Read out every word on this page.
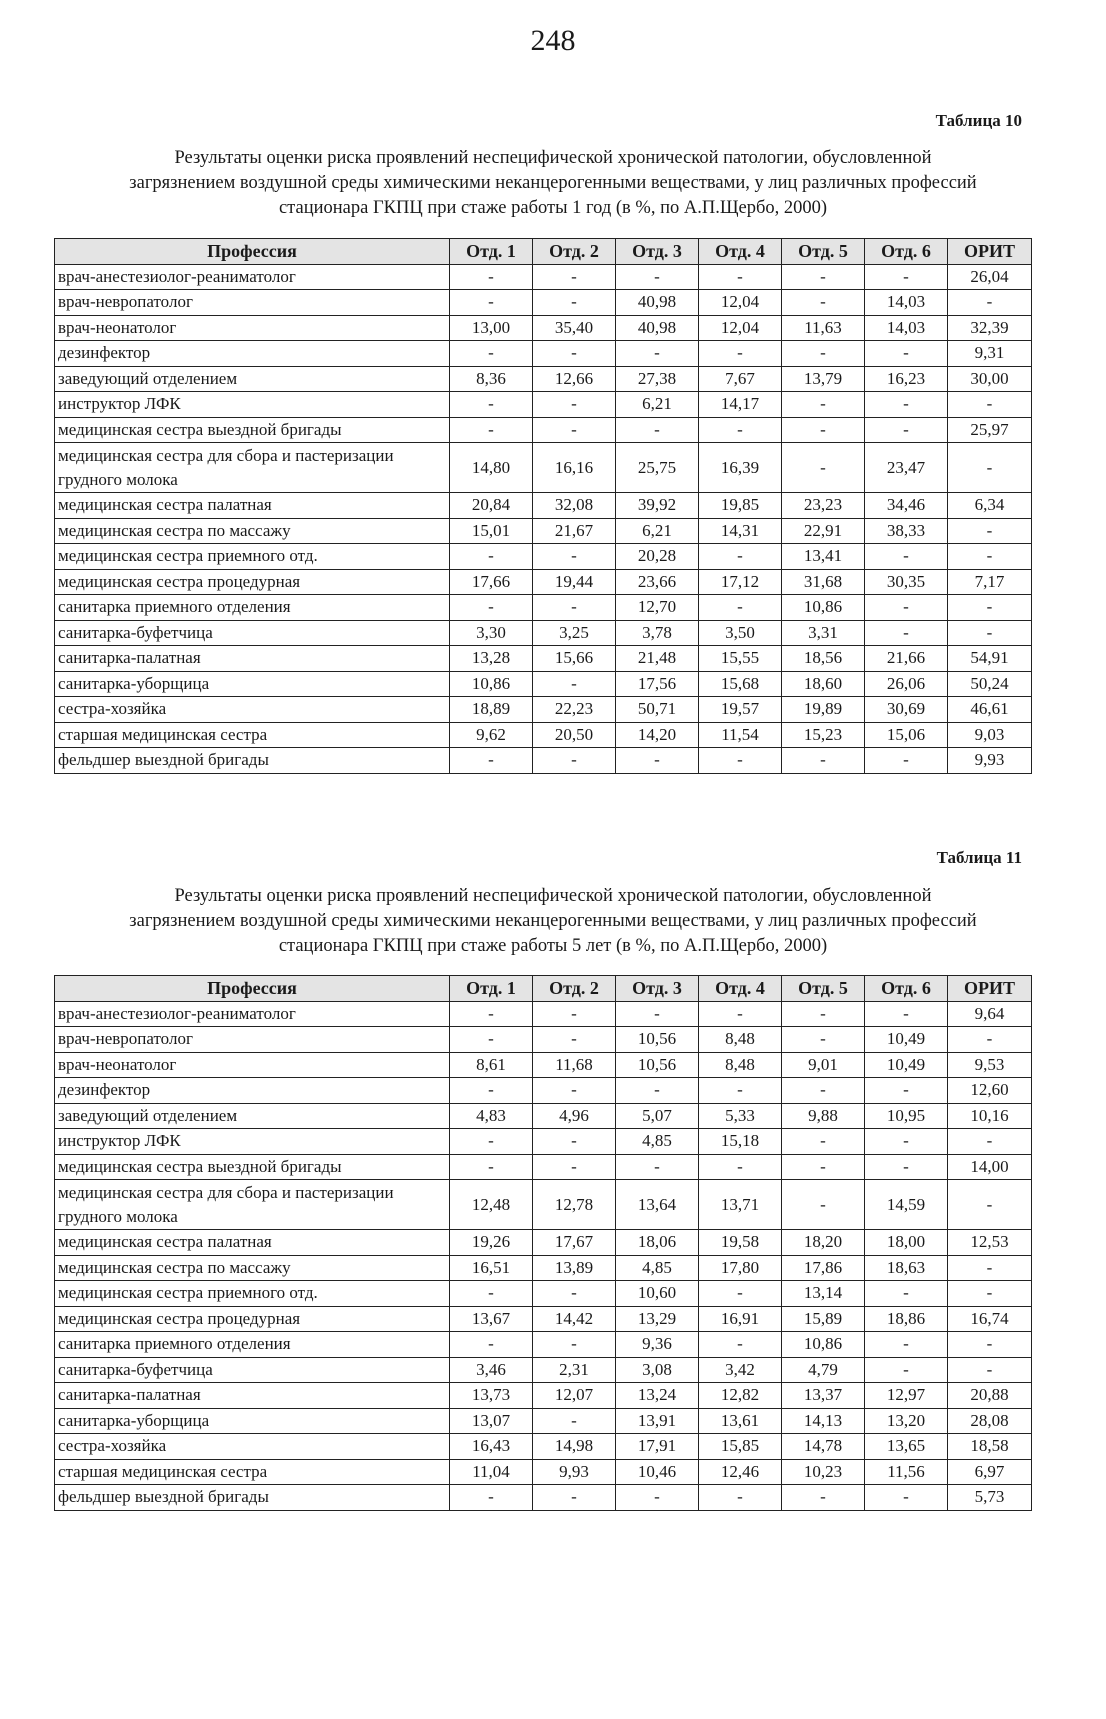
248
Таблица 10
Результаты оценки риска проявлений неспецифической хронической патологии, обусловленной
загрязнением воздушной среды химическими неканцерогенными веществами, у лиц различных профессий
стационара ГКПЦ при стаже работы 1 год (в %, по А.П.Щербо, 2000)
Профессия	Отд. 1	Отд. 2	Отд. 3	Отд. 4	Отд. 5	Отд. 6	ОРИТ
врач-анестезиолог-реаниматолог	-	-	-	-	-	-	26,04
врач-невропатолог	-	-	40,98	12,04	-	14,03	-
врач-неонатолог	13,00	35,40	40,98	12,04	11,63	14,03	32,39
дезинфектор	-	-	-	-	-	-	9,31
заведующий отделением	8,36	12,66	27,38	7,67	13,79	16,23	30,00
инструктор ЛФК	-	-	6,21	14,17	-	-	-
медицинская сестра выездной бригады	-	-	-	-	-	-	25,97
медицинская сестра для сбора и пастеризации грудного молока	14,80	16,16	25,75	16,39	-	23,47	-
медицинская сестра палатная	20,84	32,08	39,92	19,85	23,23	34,46	6,34
медицинская сестра по массажу	15,01	21,67	6,21	14,31	22,91	38,33	-
медицинская сестра приемного отд.	-	-	20,28	-	13,41	-	-
медицинская сестра процедурная	17,66	19,44	23,66	17,12	31,68	30,35	7,17
санитарка приемного отделения	-	-	12,70	-	10,86	-	-
санитарка-буфетчица	3,30	3,25	3,78	3,50	3,31	-	-
санитарка-палатная	13,28	15,66	21,48	15,55	18,56	21,66	54,91
санитарка-уборщица	10,86	-	17,56	15,68	18,60	26,06	50,24
сестра-хозяйка	18,89	22,23	50,71	19,57	19,89	30,69	46,61
старшая медицинская сестра	9,62	20,50	14,20	11,54	15,23	15,06	9,03
фельдшер выездной бригады	-	-	-	-	-	-	9,93
Таблица 11
Результаты оценки риска проявлений неспецифической хронической патологии, обусловленной
загрязнением воздушной среды химическими неканцерогенными веществами, у лиц различных профессий
стационара ГКПЦ при стаже работы 5 лет (в %, по А.П.Щербо, 2000)
Профессия	Отд. 1	Отд. 2	Отд. 3	Отд. 4	Отд. 5	Отд. 6	ОРИТ
врач-анестезиолог-реаниматолог	-	-	-	-	-	-	9,64
врач-невропатолог	-	-	10,56	8,48	-	10,49	-
врач-неонатолог	8,61	11,68	10,56	8,48	9,01	10,49	9,53
дезинфектор	-	-	-	-	-	-	12,60
заведующий отделением	4,83	4,96	5,07	5,33	9,88	10,95	10,16
инструктор ЛФК	-	-	4,85	15,18	-	-	-
медицинская сестра выездной бригады	-	-	-	-	-	-	14,00
медицинская сестра для сбора и пастеризации грудного молока	12,48	12,78	13,64	13,71	-	14,59	-
медицинская сестра палатная	19,26	17,67	18,06	19,58	18,20	18,00	12,53
медицинская сестра по массажу	16,51	13,89	4,85	17,80	17,86	18,63	-
медицинская сестра приемного отд.	-	-	10,60	-	13,14	-	-
медицинская сестра процедурная	13,67	14,42	13,29	16,91	15,89	18,86	16,74
санитарка приемного отделения	-	-	9,36	-	10,86	-	-
санитарка-буфетчица	3,46	2,31	3,08	3,42	4,79	-	-
санитарка-палатная	13,73	12,07	13,24	12,82	13,37	12,97	20,88
санитарка-уборщица	13,07	-	13,91	13,61	14,13	13,20	28,08
сестра-хозяйка	16,43	14,98	17,91	15,85	14,78	13,65	18,58
старшая медицинская сестра	11,04	9,93	10,46	12,46	10,23	11,56	6,97
фельдшер выездной бригады	-	-	-	-	-	-	5,73
